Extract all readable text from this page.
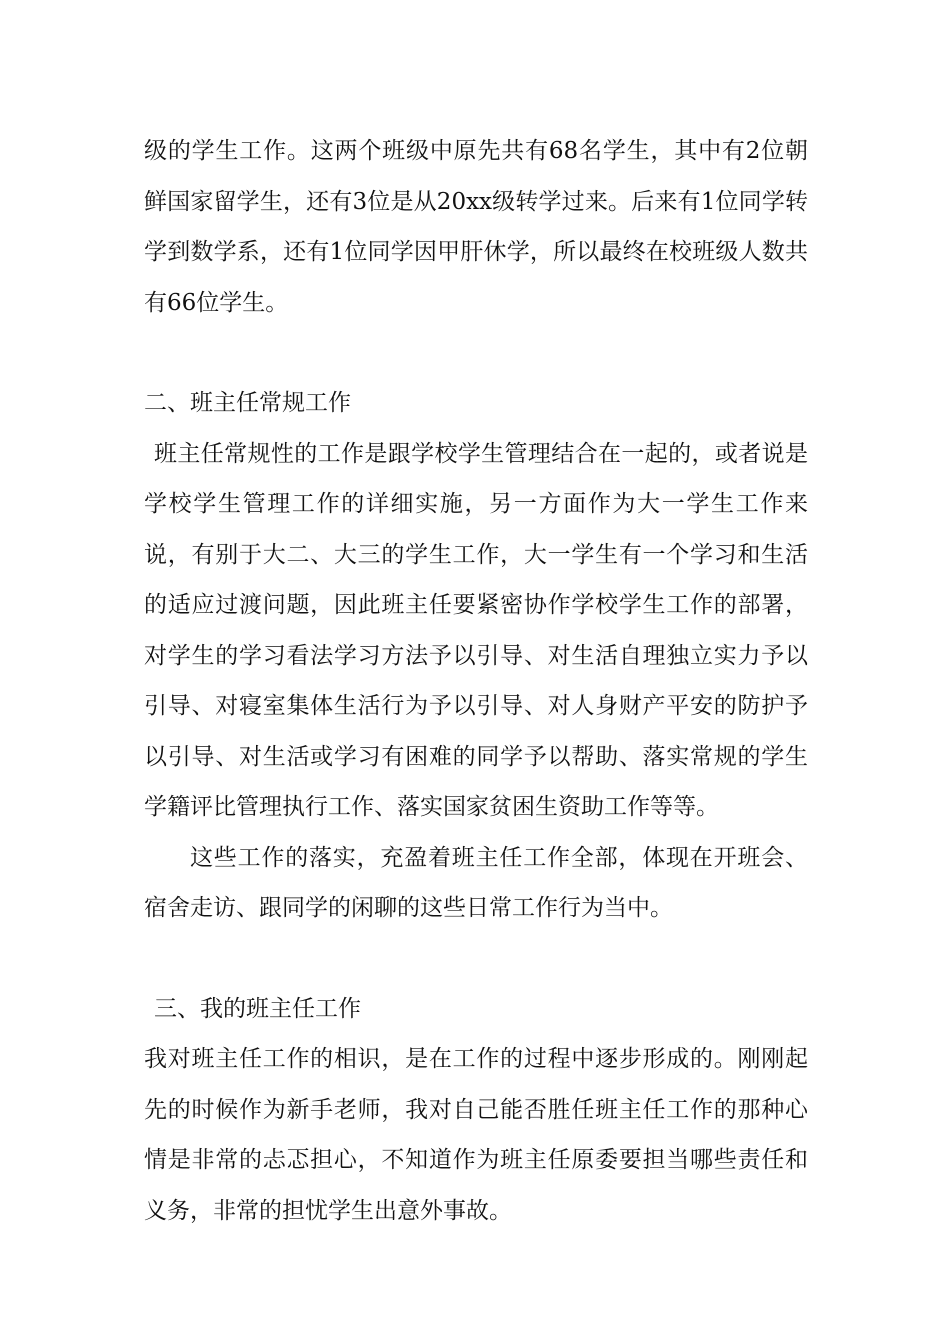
级的学生工作。这两个班级中原先共有68名学生，其中有2位朝鲜国家留学生，还有3位是从20xx级转学过来。后来有1位同学转学到数学系，还有1位同学因甲肝休学，所以最终在校班级人数共有66位学生。

二、班主任常规工作

班主任常规性的工作是跟学校学生管理结合在一起的，或者说是学校学生管理工作的详细实施，另一方面作为大一学生工作来说，有别于大二、大三的学生工作，大一学生有一个学习和生活的适应过渡问题，因此班主任要紧密协作学校学生工作的部署，对学生的学习看法学习方法予以引导、对生活自理独立实力予以引导、对寝室集体生活行为予以引导、对人身财产平安的防护予以引导、对生活或学习有困难的同学予以帮助、落实常规的学生学籍评比管理执行工作、落实国家贫困生资助工作等等。

这些工作的落实，充盈着班主任工作全部，体现在开班会、宿舍走访、跟同学的闲聊的这些日常工作行为当中。

三、我的班主任工作

我对班主任工作的相识，是在工作的过程中逐步形成的。刚刚起先的时候作为新手老师，我对自己能否胜任班主任工作的那种心情是非常的忐忑担心，不知道作为班主任原委要担当哪些责任和义务，非常的担忧学生出意外事故。
